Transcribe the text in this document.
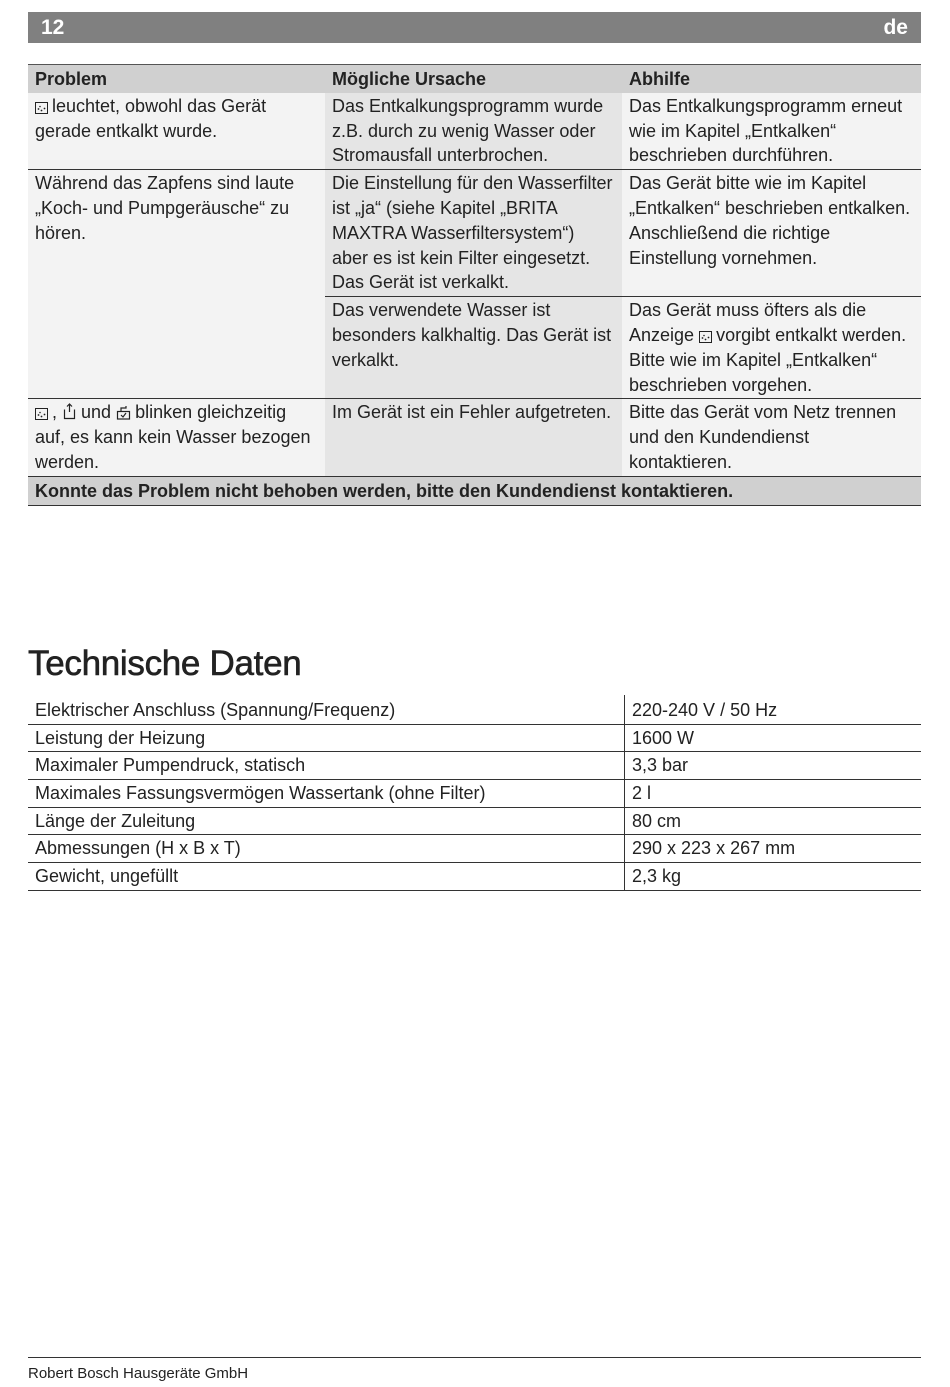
12	de
Problem	Mögliche Ursache	Abhilfe

leuchtet, obwohl das Gerät gerade entkalkt wurde.	Das Entkalkungsprogramm wurde z.B. durch zu wenig Wasser oder Stromausfall unterbrochen.	Das Entkalkungsprogramm erneut wie im Kapitel „Entkalken“ beschrieben durchführen.
Während das Zapfens sind laute „Koch- und Pumpgeräusche“ zu hören.	Die Einstellung für den Wasserfilter ist „ja“ (siehe Kapitel „BRITA MAXTRA Wasserfiltersystem“) aber es ist kein Filter eingesetzt. Das Gerät ist verkalkt.	Das Gerät bitte wie im Kapitel „Entkalken“ beschrieben entkalken. Anschließend die richtige Einstellung vornehmen.
	Das verwendete Wasser ist besonders kalkhaltig. Das Gerät ist verkalkt.	Das Gerät muss öfters als die Anzeige vorgibt entkalkt werden. Bitte wie im Kapitel „Entkalken“ beschrieben vorgehen.

, und blinken gleichzeitig auf, es kann kein Wasser bezogen werden.	Im Gerät ist ein Fehler aufgetreten.	Bitte das Gerät vom Netz trennen und den Kundendienst kontaktieren.
Konnte das Problem nicht behoben werden, bitte den Kundendienst kontaktieren.		
Technische Daten
Elektrischer Anschluss (Spannung/Frequenz)	220-240 V / 50 Hz
Leistung der Heizung	1600 W
Maximaler Pumpendruck, statisch	3,3 bar
Maximales Fassungsvermögen Wassertank (ohne Filter)	2 l
Länge der Zuleitung	80 cm
Abmessungen (H x B x T)	290 x 223 x 267 mm
Gewicht, ungefüllt	2,3 kg
Robert Bosch Hausgeräte GmbH
